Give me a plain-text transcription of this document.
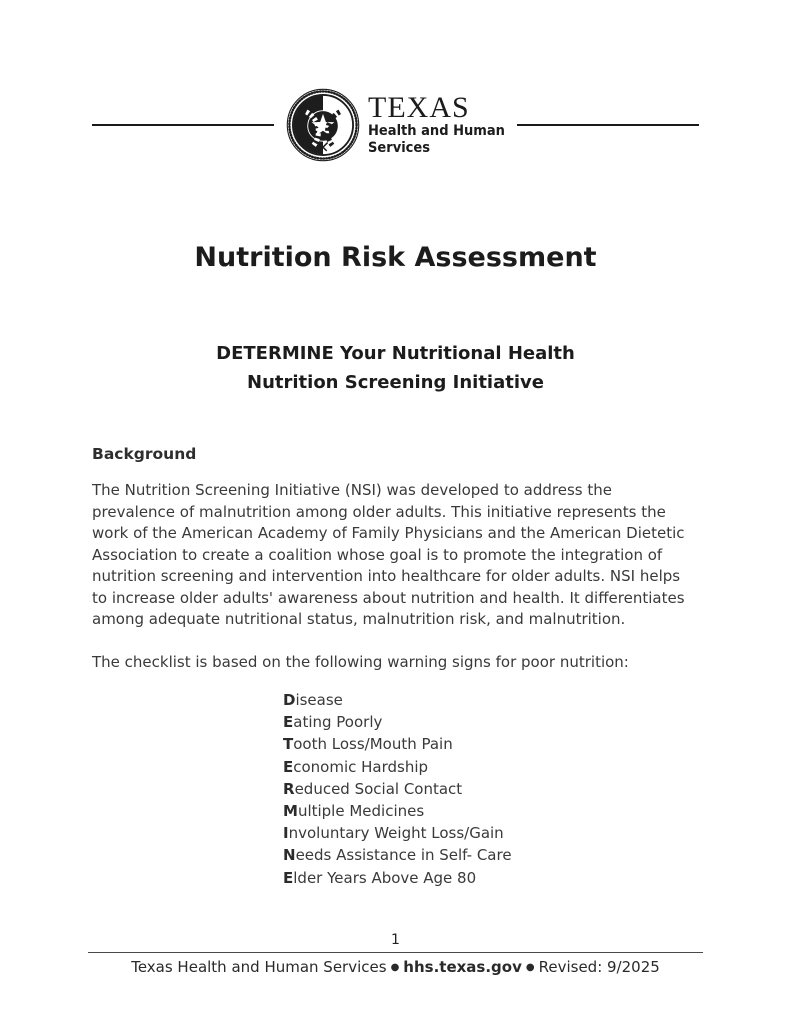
TEXAS
Health and Human
Services
Nutrition Risk Assessment
DETERMINE Your Nutritional Health
Nutrition Screening Initiative
Background

The Nutrition Screening Initiative (NSI) was developed to address the prevalence of malnutrition among older adults. This initiative represents the work of the American Academy of Family Physicians and the American Dietetic Association to create a coalition whose goal is to promote the integration of nutrition screening and intervention into healthcare for older adults. NSI helps to increase older adults' awareness about nutrition and health. It differentiates among adequate nutritional status, malnutrition risk, and malnutrition.

The checklist is based on the following warning signs for poor nutrition:

Disease
Eating Poorly
Tooth Loss/Mouth Pain
Economic Hardship
Reduced Social Contact
Multiple Medicines
Involuntary Weight Loss/Gain
Needs Assistance in Self- Care
Elder Years Above Age 80
1
Texas Health and Human Services ● hhs.texas.gov ● Revised: 9/2025
